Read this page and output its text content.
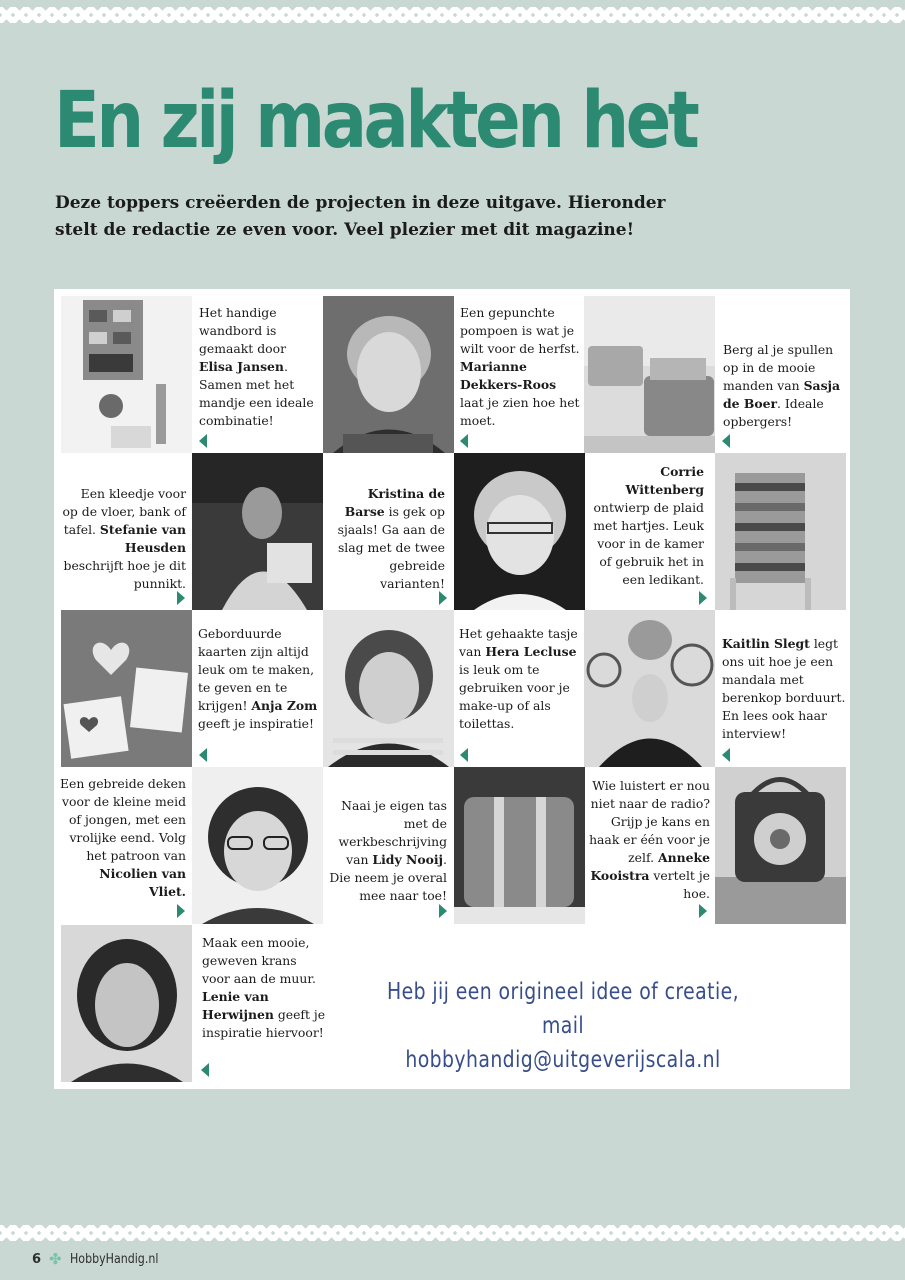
En zij maakten het

Deze toppers creëerden de projecten in deze uitgave. Hieronder stelt de redactie ze even voor. Veel plezier met dit magazine!

Het handige wandbord is gemaakt door Elisa Jansen. Samen met het mandje een ideale combinatie!
Een gepunchte pompoen is wat je wilt voor de herfst. Marianne Dekkers-Roos laat je zien hoe het moet.
Berg al je spullen op in de mooie manden van Sasja de Boer. Ideale opbergers!
Een kleedje voor op de vloer, bank of tafel. Stefanie van Heusden beschrijft hoe je dit punnikt.
Kristina de Barse is gek op sjaals! Ga aan de slag met de twee gebreide varianten!
Corrie Wittenberg ontwierp de plaid met hartjes. Leuk voor in de kamer of gebruik het in een ledikant.
Geborduurde kaarten zijn altijd leuk om te maken, te geven en te krijgen! Anja Zom geeft je inspiratie!
Het gehaakte tasje van Hera Lecluse is leuk om te gebruiken voor je make-up of als toilettas.
Kaitlin Slegt legt ons uit hoe je een mandala met berenkop borduurt. En lees ook haar interview!
Een gebreide deken voor de kleine meid of jongen, met een vrolijke eend. Volg het patroon van Nicolien van Vliet.
Naai je eigen tas met de werkbeschrijving van Lidy Nooij. Die neem je overal mee naar toe!
Wie luistert er nou niet naar de radio? Grijp je kans en haak er één voor je zelf. Anneke Kooistra vertelt je hoe.
Maak een mooie, geweven krans voor aan de muur. Lenie van Herwijnen geeft je inspiratie hiervoor!
Heb jij een origineel idee of creatie,
mail hobbyhandig@uitgeverijscala.nl
6 ✤ HobbyHandig.nl
